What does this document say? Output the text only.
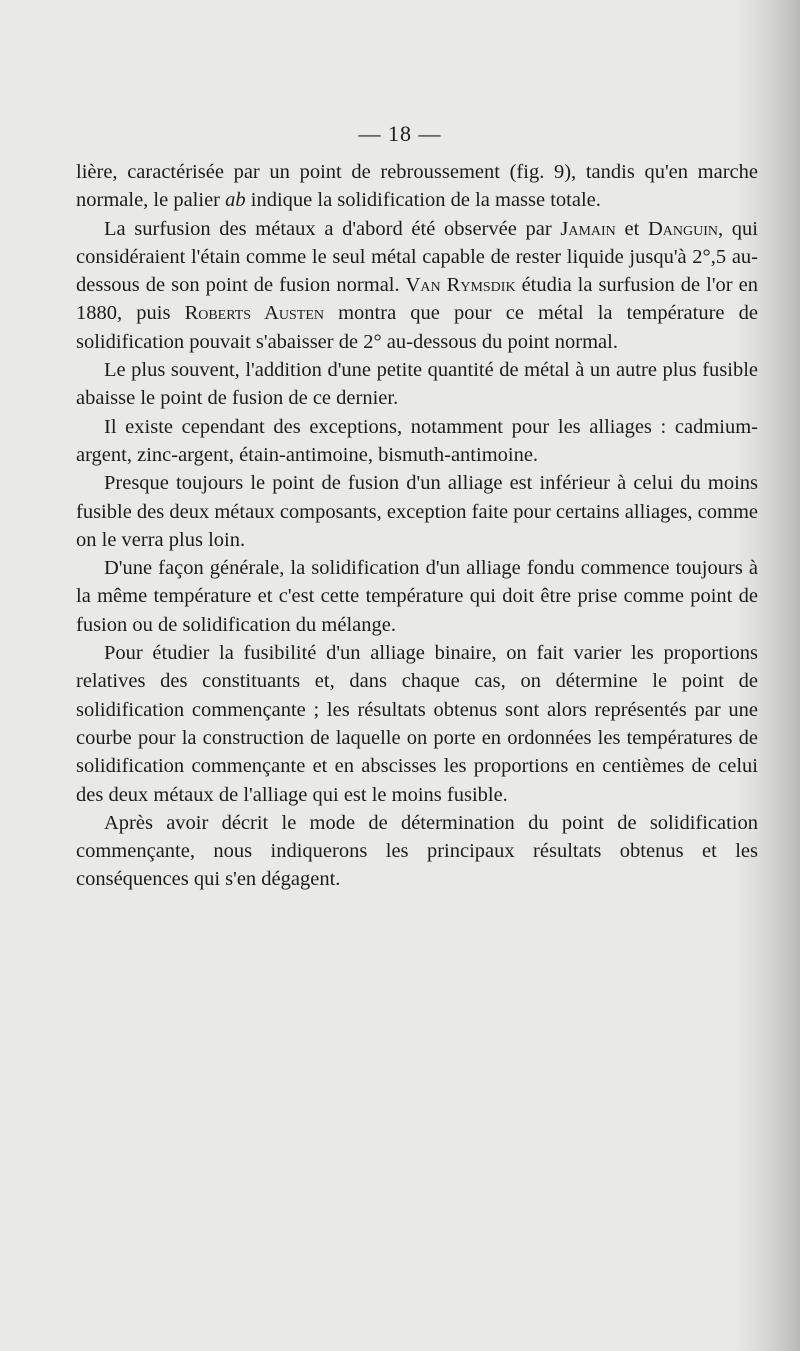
— 18 —

lière, caractérisée par un point de rebroussement (fig. 9), tandis qu'en marche normale, le palier ab indique la solidification de la masse totale.

La surfusion des métaux a d'abord été observée par Jamain et Danguin, qui considéraient l'étain comme le seul métal capable de rester liquide jusqu'à 2°,5 au-dessous de son point de fusion normal. Van Rymsdik étudia la surfusion de l'or en 1880, puis Roberts Austen montra que pour ce métal la température de solidification pouvait s'abaisser de 2° au-dessous du point normal.

Le plus souvent, l'addition d'une petite quantité de métal à un autre plus fusible abaisse le point de fusion de ce dernier.

Il existe cependant des exceptions, notamment pour les alliages : cadmium-argent, zinc-argent, étain-antimoine, bismuth-antimoine.

Presque toujours le point de fusion d'un alliage est inférieur à celui du moins fusible des deux métaux composants, exception faite pour certains alliages, comme on le verra plus loin.

D'une façon générale, la solidification d'un alliage fondu commence toujours à la même température et c'est cette température qui doit être prise comme point de fusion ou de solidification du mélange.

Pour étudier la fusibilité d'un alliage binaire, on fait varier les proportions relatives des constituants et, dans chaque cas, on détermine le point de solidification commençante ; les résultats obtenus sont alors représentés par une courbe pour la construction de laquelle on porte en ordonnées les températures de solidification commençante et en abscisses les proportions en centièmes de celui des deux métaux de l'alliage qui est le moins fusible.

Après avoir décrit le mode de détermination du point de solidification commençante, nous indiquerons les principaux résultats obtenus et les conséquences qui s'en dégagent.
